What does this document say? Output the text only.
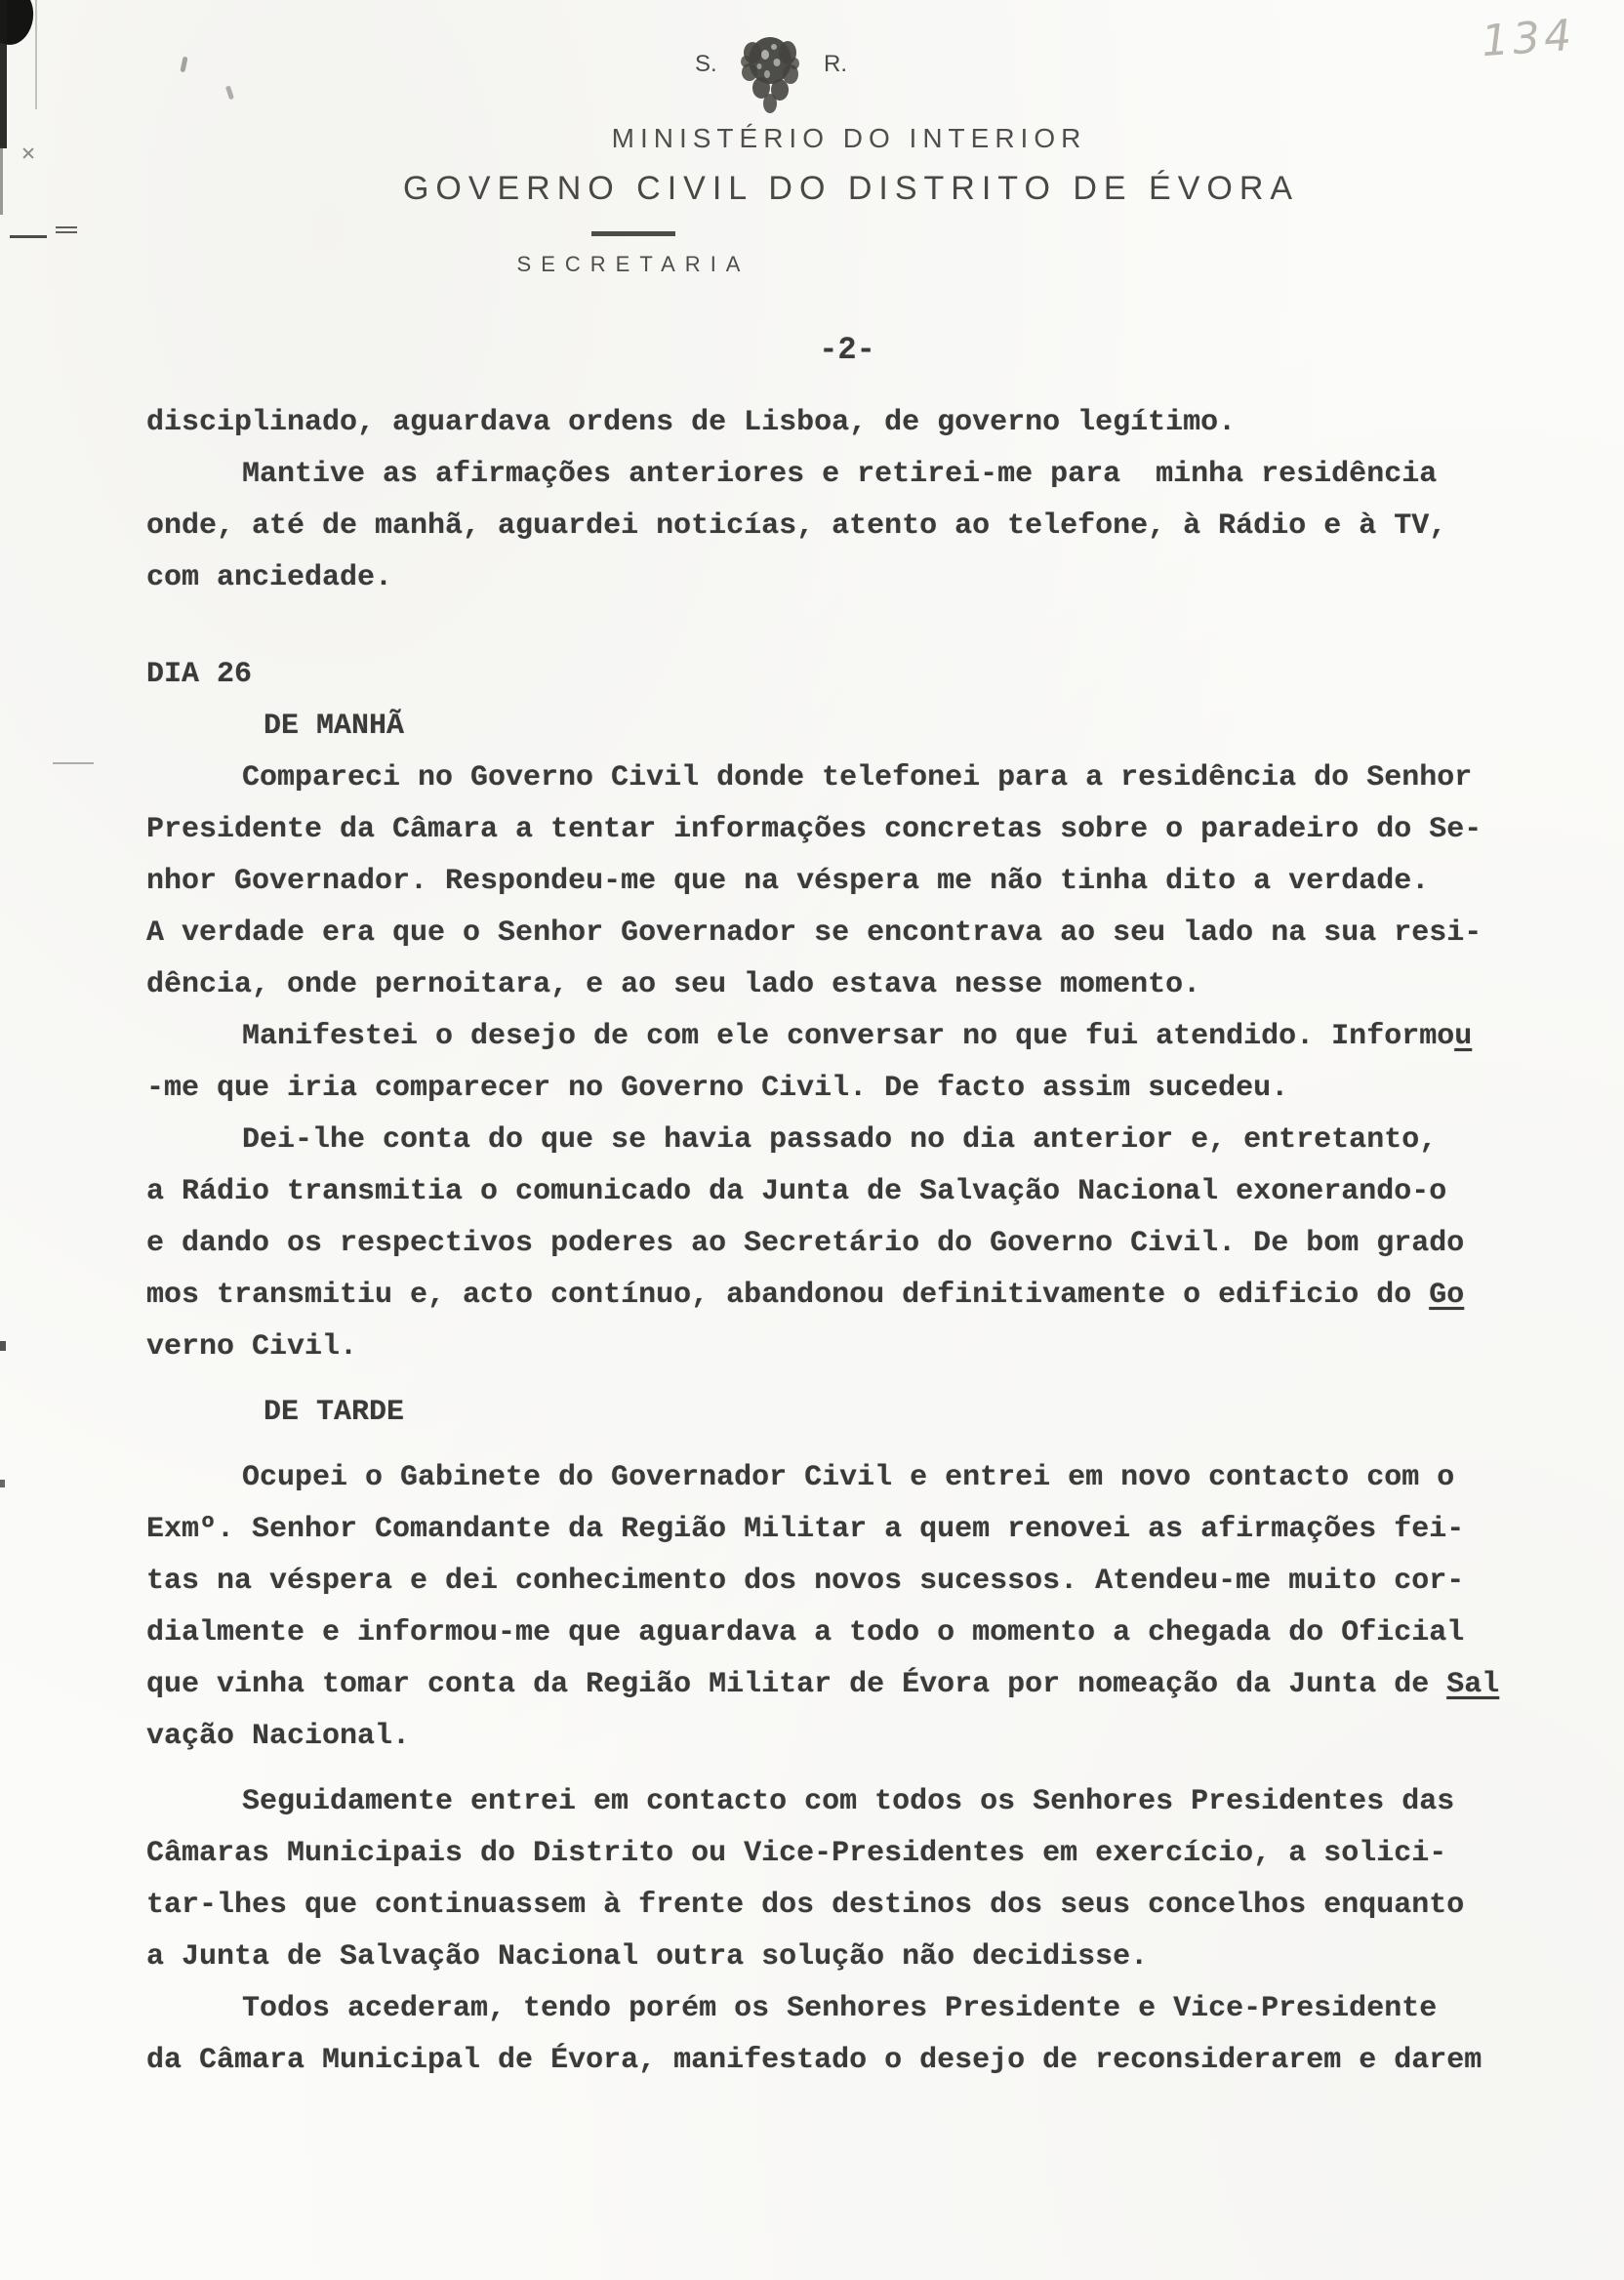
134
S.	R.
MINISTÉRIO DO INTERIOR
GOVERNO CIVIL DO DISTRITO DE ÉVORA
SECRETARIA
-2-
disciplinado, aguardava ordens de Lisboa, de governo legítimo.
Mantive as afirmações anteriores e retirei-me para  minha residência
onde, até de manhã, aguardei noticías, atento ao telefone, à Rádio e à TV,
com anciedade.
DIA 26
DE MANHÃ
Compareci no Governo Civil donde telefonei para a residência do Senhor
Presidente da Câmara a tentar informações concretas sobre o paradeiro do Se-
nhor Governador. Respondeu-me que na véspera me não tinha dito a verdade.
A verdade era que o Senhor Governador se encontrava ao seu lado na sua resi-
dência, onde pernoitara, e ao seu lado estava nesse momento.
Manifestei o desejo de com ele conversar no que fui atendido. Informou
-me que iria comparecer no Governo Civil. De facto assim sucedeu.
Dei-lhe conta do que se havia passado no dia anterior e, entretanto,
a Rádio transmitia o comunicado da Junta de Salvação Nacional exonerando-o
e dando os respectivos poderes ao Secretário do Governo Civil. De bom grado
mos transmitiu e, acto contínuo, abandonou definitivamente o edificio do Go
verno Civil.
DE TARDE
Ocupei o Gabinete do Governador Civil e entrei em novo contacto com o
Exmº. Senhor Comandante da Região Militar a quem renovei as afirmações fei-
tas na véspera e dei conhecimento dos novos sucessos. Atendeu-me muito cor-
dialmente e informou-me que aguardava a todo o momento a chegada do Oficial
que vinha tomar conta da Região Militar de Évora por nomeação da Junta de Sal
vação Nacional.
Seguidamente entrei em contacto com todos os Senhores Presidentes das
Câmaras Municipais do Distrito ou Vice-Presidentes em exercício, a solici-
tar-lhes que continuassem à frente dos destinos dos seus concelhos enquanto
a Junta de Salvação Nacional outra solução não decidisse.
Todos acederam, tendo porém os Senhores Presidente e Vice-Presidente
da Câmara Municipal de Évora, manifestado o desejo de reconsiderarem e darem
